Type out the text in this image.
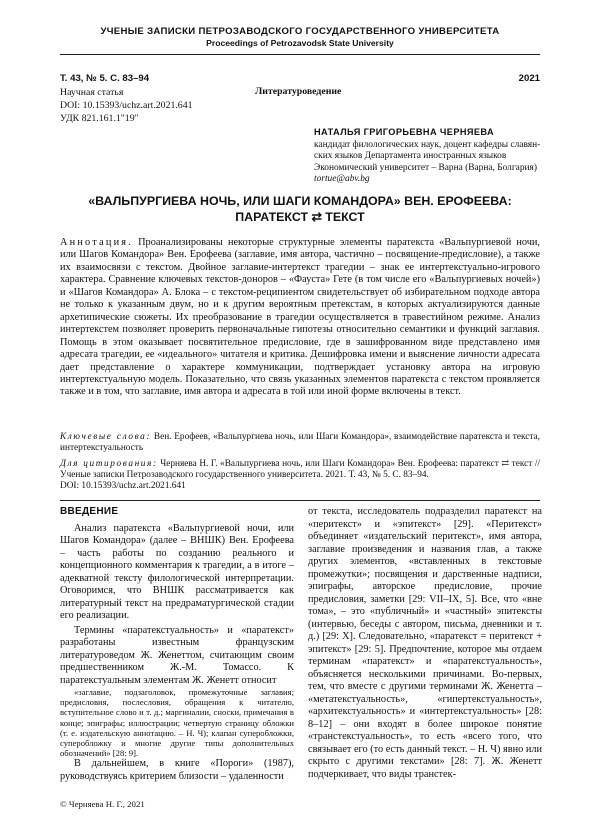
УЧЕНЫЕ ЗАПИСКИ ПЕТРОЗАВОДСКОГО ГОСУДАРСТВЕННОГО УНИВЕРСИТЕТА
Proceedings of Petrozavodsk State University
Т. 43, № 5. С. 83–94	2021
Научная статья	Литературоведение
DOI: 10.15393/uchz.art.2021.641
УДК 821.161.1"19"
НАТАЛЬЯ ГРИГОРЬЕВНА ЧЕРНЯЕВА
кандидат филологических наук, доцент кафедры славян-
ских языков Департамента иностранных языков
Экономический университет – Варна (Варна, Болгария)
tortue@abv.bg
«ВАЛЬПУРГИЕВА НОЧЬ, ИЛИ ШАГИ КОМАНДОРА» ВЕН. ЕРОФЕЕВА:
ПАРАТЕКСТ ⇄ ТЕКСТ
Аннотация. Проанализированы некоторые структурные элементы паратекста «Вальпургиевой ночи, или Шагов Командора» Вен. Ерофеева (заглавие, имя автора, частично – посвящение-предисловие), а также их взаимосвязи с текстом. Двойное заглавие-интертекст трагедии – знак ее интертекстуально-игрового характера. Сравнение ключевых текстов-доноров – «Фауста» Гете (в том числе его «Вальпургиевых ночей») и «Шагов Командора» А. Блока – с текстом-реципиентом свидетельствует об избирательном подходе автора не только к указанным двум, но и к другим вероятным претекстам, в которых актуализируются данные архетипические сюжеты. Их преобразование в трагедии осуществляется в травестийном режиме. Анализ интертекстем позволяет проверить первоначальные гипотезы относительно семантики и функций заглавия. Помощь в этом оказывает посвятительное предисловие, где в зашифрованном виде представлено имя адресата трагедии, ее «идеального» читателя и критика. Дешифровка имени и выяснение личности адресата дает представление о характере коммуникации, подтверждает установку автора на игровую интертекстуальную модель. Показательно, что связь указанных элементов паратекста с текстом проявляется также и в том, что заглавие, имя автора и адресата в той или иной форме включены в текст.
Ключевые слова: Вен. Ерофеев, «Вальпургиева ночь, или Шаги Командора», взаимодействие паратекста и текста, интертекстуальность
Для цитирования: Черняева Н. Г. «Вальпургиева ночь, или Шаги Командора» Вен. Ерофеева: паратекст ⇄ текст // Ученые записки Петрозаводского государственного университета. 2021. Т. 43, № 5. С. 83–94.
DOI: 10.15393/uchz.art.2021.641
ВВЕДЕНИЕ

Анализ паратекста «Вальпургиевой ночи, или Шагов Командора» (далее – ВНШК) Вен. Ерофеева – часть работы по созданию реального и концепционного комментария к трагедии, а в итоге – адекватной тексту филологической интерпретации. Оговоримся, что ВНШК рассматривается как литературный текст на предраматургической стадии его реализации.

Термины «паратекстуальность» и «паратекст» разработаны известным французским литературоведом Ж. Женеттом, считающим своим предшественником Ж.-М. Томассо. К паратекстуальным элементам Ж. Женетт относит

«заглавие, подзаголовок, промежуточные заглавия; предисловия, послесловия, обращения к читателю, вступительное слово и т. д.; маргиналии, сноски, примечания в конце; эпиграфы; иллюстрации; четвертую страницу обложки (т. е. издательскую аннотацию. – Н. Ч); клапан суперобложки, суперобложку и многие другие типы дополнительных обозначений» [28: 9].

В дальнейшем, в книге «Пороги» (1987), руководствуясь критерием близости – удаленности

от текста, исследователь подразделил паратекст на «перитекст» и «эпитекст» [29]. «Перитекст» объединяет «издательский перитекст», имя автора, заглавие произведения и названия глав, а также других элементов, «вставленных в текстовые промежутки»; посвящения и дарственные надписи, эпиграфы, авторское предисловие, прочие предисловия, заметки [29: VII–IX, 5]. Все, что «вне тома», – это «публичный» и «частный» эпитексты (интервью, беседы с автором, письма, дневники и т. д.) [29: X]. Следовательно, «паратекст = перитекст + эпитекст» [29: 5]. Предпочтение, которое мы отдаем терминам «паратекст» и «паратекстуальность», объясняется несколькими причинами. Во-первых, тем, что вместе с другими терминами Ж. Женетта – «метатекстуальность», «гипертекстуальность», «архитекстуальность» и «интертекстуальность» [28: 8–12] – они входят в более широкое понятие «транстекстуальность», то есть «всего того, что связывает его (то есть данный текст. – Н. Ч) явно или скрыто с другими текстами» [28: 7]. Ж. Женетт подчеркивает, что виды транстек-

© Черняева Н. Г., 2021
